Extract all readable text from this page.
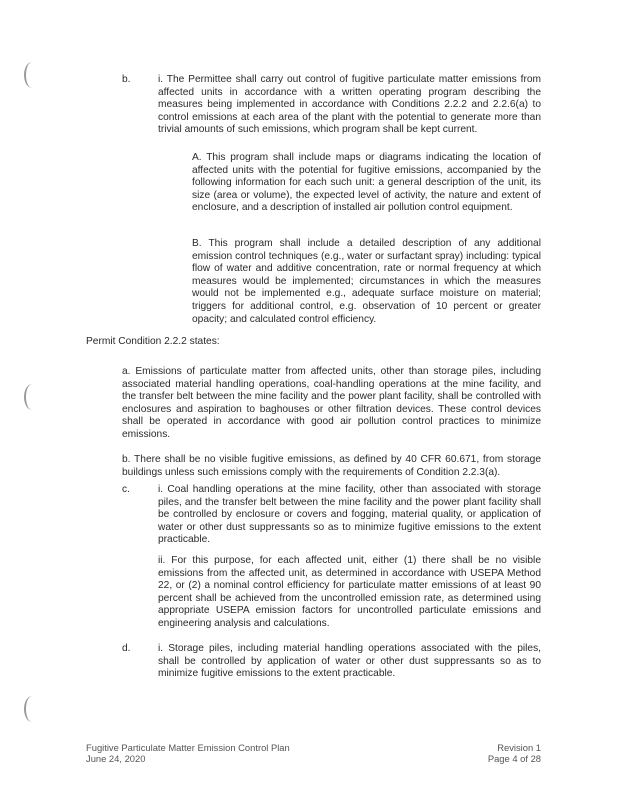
b.	i. The Permittee shall carry out control of fugitive particulate matter emissions from affected units in accordance with a written operating program describing the measures being implemented in accordance with Conditions 2.2.2 and 2.2.6(a) to control emissions at each area of the plant with the potential to generate more than trivial amounts of such emissions, which program shall be kept current.

A. This program shall include maps or diagrams indicating the location of affected units with the potential for fugitive emissions, accompanied by the following information for each such unit: a general description of the unit, its size (area or volume), the expected level of activity, the nature and extent of enclosure, and a description of installed air pollution control equipment.

B. This program shall include a detailed description of any additional emission control techniques (e.g., water or surfactant spray) including: typical flow of water and additive concentration, rate or normal frequency at which measures would be implemented; circumstances in which the measures would not be implemented e.g., adequate surface moisture on material; triggers for additional control, e.g. observation of 10 percent or greater opacity; and calculated control efficiency.

Permit Condition 2.2.2 states:

a. Emissions of particulate matter from affected units, other than storage piles, including associated material handling operations, coal-handling operations at the mine facility, and the transfer belt between the mine facility and the power plant facility, shall be controlled with enclosures and aspiration to baghouses or other filtration devices. These control devices shall be operated in accordance with good air pollution control practices to minimize emissions.

b. There shall be no visible fugitive emissions, as defined by 40 CFR 60.671, from storage buildings unless such emissions comply with the requirements of Condition 2.2.3(a).

c.	i. Coal handling operations at the mine facility, other than associated with storage piles, and the transfer belt between the mine facility and the power plant facility shall be controlled by enclosure or covers and fogging, material quality, or application of water or other dust suppressants so as to minimize fugitive emissions to the extent practicable.

ii. For this purpose, for each affected unit, either (1) there shall be no visible emissions from the affected unit, as determined in accordance with USEPA Method 22, or (2) a nominal control efficiency for particulate matter emissions of at least 90 percent shall be achieved from the uncontrolled emission rate, as determined using appropriate USEPA emission factors for uncontrolled particulate emissions and engineering analysis and calculations.

d.	i. Storage piles, including material handling operations associated with the piles, shall be controlled by application of water or other dust suppressants so as to minimize fugitive emissions to the extent practicable.

Fugitive Particulate Matter Emission Control Plan
June 24, 2020
Revision 1
Page 4 of 28
